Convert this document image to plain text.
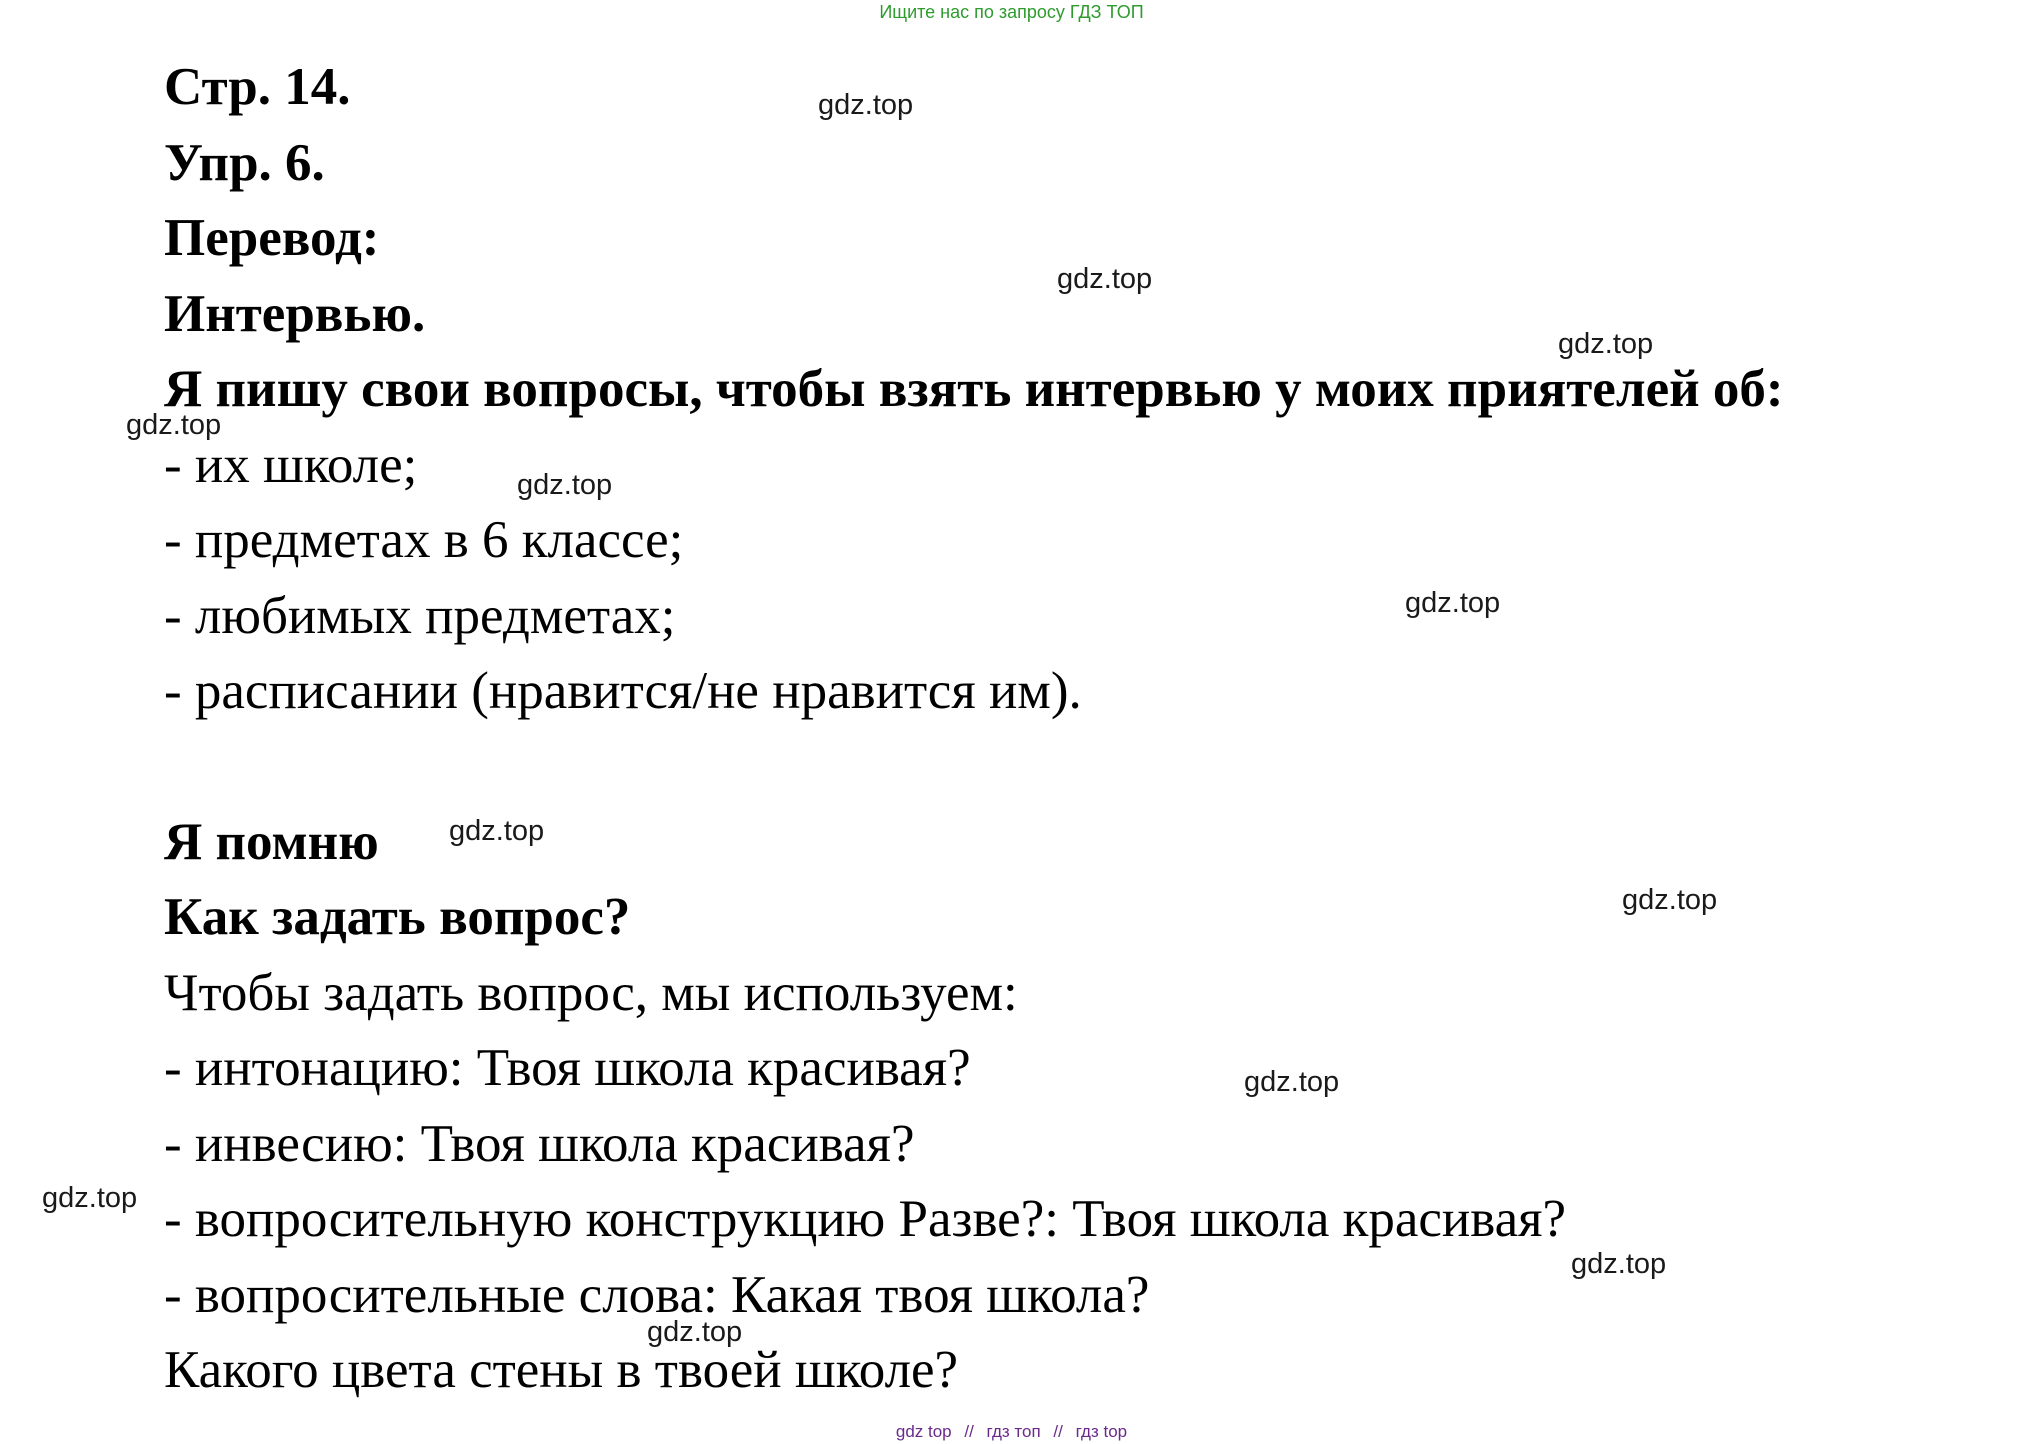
Ищите нас по запросу ГДЗ ТОП
Стр. 14.
Упр. 6.
Перевод:
Интервью.
Я пишу свои вопросы, чтобы взять интервью у моих приятелей об:
- их школе;
- предметах в 6 классе;
- любимых предметах;
- расписании (нравится/не нравится им).
Я помню
Как задать вопрос?
Чтобы задать вопрос, мы используем:
- интонацию: Твоя школа красивая?
- инвесию: Твоя школа красивая?
- вопросительную конструкцию Разве?: Твоя школа красивая?
- вопросительные слова: Какая твоя школа?
Какого цвета стены в твоей школе?
gdz.top
gdz.top
gdz.top
gdz.top
gdz.top
gdz.top
gdz.top
gdz.top
gdz.top
gdz.top
gdz.top
gdz.top
gdz top // гдз топ // гдз top
